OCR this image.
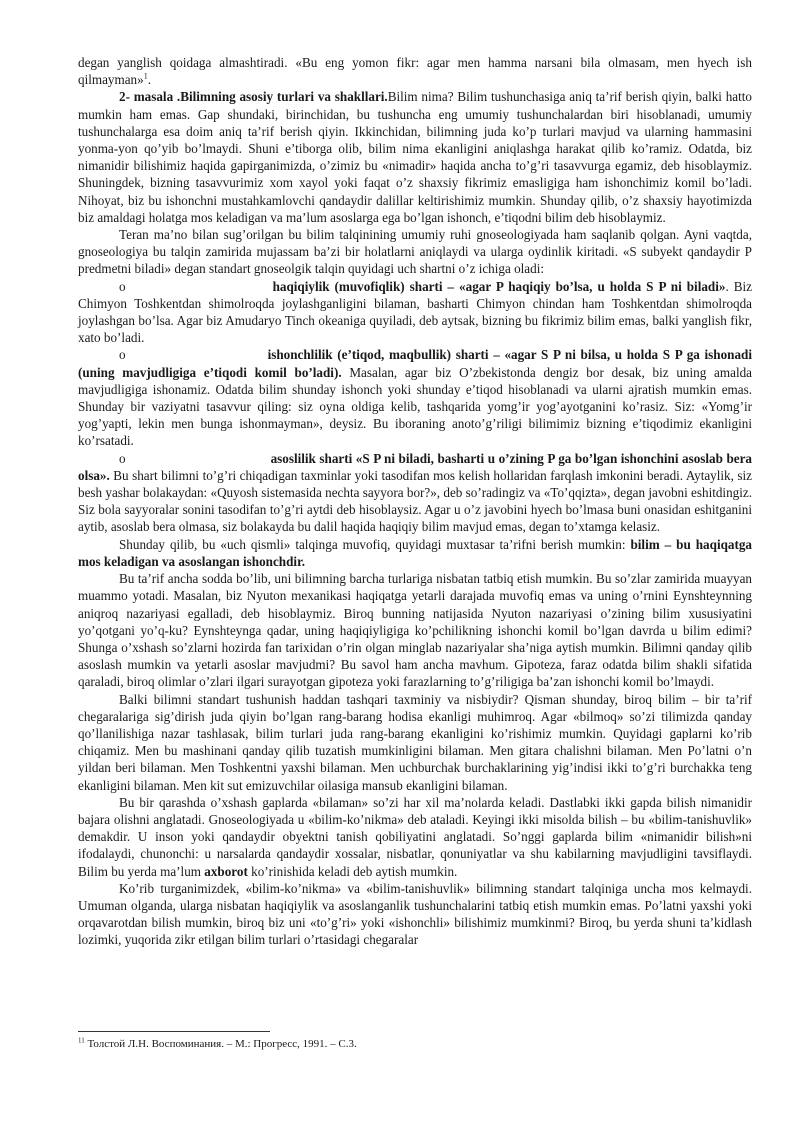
degan yanglish qoidaga almashtiradi. «Bu eng yomon fikr: agar men hamma narsani bila olmasam, men hyech ish qilmayman»$^1$.

2- masala .Bilimning asosiy turlari va shakllari.Bilim nima? Bilim tushunchasiga aniq ta’rif berish qiyin, balki hatto mumkin ham emas. Gap shundaki, birinchidan, bu tushuncha eng umumiy tushunchalardan biri hisoblanadi, umumiy tushunchalarga esa doim aniq ta’rif berish qiyin. Ikkinchidan, bilimning juda ko’p turlari mavjud va ularning hammasini yonma-yon qo’yib bo’lmaydi. Shuni e’tiborga olib, bilim nima ekanligini aniqlashga harakat qilib ko’ramiz. Odatda, biz nimanidir bilishimiz haqida gapirganimizda, o’zimiz bu «nimadir» haqida ancha to’g’ri tasavvurga egamiz, deb hisoblaymiz. Shuningdek, bizning tasavvurimiz xom xayol yoki faqat o’z shaxsiy fikrimiz emasligiga ham ishonchimiz komil bo’ladi. Nihoyat, biz bu ishonchni mustahkamlovchi qandaydir dalillar keltirishimiz mumkin. Shunday qilib, o’z shaxsiy hayotimizda biz amaldagi holatga mos keladigan va ma’lum asoslarga ega bo’lgan ishonch, e’tiqodni bilim deb hisoblaymiz.

Teran ma’no bilan sug’orilgan bu bilim talqinining umumiy ruhi gnoseologiyada ham saqlanib qolgan. Ayni vaqtda, gnoseologiya bu talqin zamirida mujassam ba’zi bir holatlarni aniqlaydi va ularga oydinlik kiritadi. «S subyekt qandaydir P predmetni biladi» degan standart gnoseolgik talqin quyidagi uch shartni o’z ichiga oladi:

o	haqiqiylik (muvofiqlik) sharti – «agar P haqiqiy bo’lsa, u holda S P ni biladi». Biz Chimyon Toshkentdan shimolroqda joylashganligini bilaman, basharti Chimyon chindan ham Toshkentdan shimolroqda joylashgan bo’lsa. Agar biz Amudaryo Tinch okeaniga quyiladi, deb aytsak, bizning bu fikrimiz bilim emas, balki yanglish fikr, xato bo’ladi.

o	ishonchlilik (e’tiqod, maqbullik) sharti – «agar S P ni bilsa, u holda S P ga ishonadi (uning mavjudligiga e’tiqodi komil bo’ladi). Masalan, agar biz O’zbekistonda dengiz bor desak, biz uning amalda mavjudligiga ishonamiz. Odatda bilim shunday ishonch yoki shunday e’tiqod hisoblanadi va ularni ajratish mumkin emas. Shunday bir vaziyatni tasavvur qiling: siz oyna oldiga kelib, tashqarida yomg’ir yog’ayotganini ko’rasiz. Siz: «Yomg’ir yog’yapti, lekin men bunga ishonmayman», deysiz. Bu iboraning anoto’g’riligi bilimimiz bizning e’tiqodimiz ekanligini ko’rsatadi.

o	asoslilik sharti «S P ni biladi, basharti u o’zining P ga bo’lgan ishonchini asoslab bera olsa». Bu shart bilimni to’g’ri chiqadigan taxminlar yoki tasodifan mos kelish hollaridan farqlash imkonini beradi. Aytaylik, siz besh yashar bolakaydan: «Quyosh sistemasida nechta sayyora bor?», deb so’radingiz va «To’qqizta», degan javobni eshitdingiz. Siz bola sayyoralar sonini tasodifan to’g’ri aytdi deb hisoblaysiz. Agar u o’z javobini hyech bo’lmasa buni onasidan eshitganini aytib, asoslab bera olmasa, siz bolakayda bu dalil haqida haqiqiy bilim mavjud emas, degan to’xtamga kelasiz.

Shunday qilib, bu «uch qismli» talqinga muvofiq, quyidagi muxtasar ta’rifni berish mumkin: bilim – bu haqiqatga mos keladigan va asoslangan ishonchdir.

Bu ta’rif ancha sodda bo’lib, uni bilimning barcha turlariga nisbatan tatbiq etish mumkin. Bu so’zlar zamirida muayyan muammo yotadi. Masalan, biz Nyuton mexanikasi haqiqatga yetarli darajada muvofiq emas va uning o’rnini Eynshteynning aniqroq nazariyasi egalladi, deb hisoblaymiz. Biroq bunning natijasida Nyuton nazariyasi o’zining bilim xususiyatini yo’qotgani yo’q-ku? Eynshteynga qadar, uning haqiqiyligiga ko’pchilikning ishonchi komil bo’lgan davrda u bilim edimi? Shunga o’xshash so’zlarni hozirda fan tarixidan o’rin olgan minglab nazariyalar sha’niga aytish mumkin. Bilimni qanday qilib asoslash mumkin va yetarli asoslar mavjudmi? Bu savol ham ancha mavhum. Gipoteza, faraz odatda bilim shakli sifatida qaraladi, biroq olimlar o’zlari ilgari surayotgan gipoteza yoki farazlarning to’g’riligiga ba’zan ishonchi komil bo’lmaydi.

Balki bilimni standart tushunish haddan tashqari taxminiy va nisbiydir? Qisman shunday, biroq bilim – bir ta’rif chegaralariga sig’dirish juda qiyin bo’lgan rang-barang hodisa ekanligi muhimroq. Agar «bilmoq» so’zi tilimizda qanday qo’llanilishiga nazar tashlasak, bilim turlari juda rang-barang ekanligini ko’rishimiz mumkin. Quyidagi gaplarni ko’rib chiqamiz. Men bu mashinani qanday qilib tuzatish mumkinligini bilaman. Men gitara chalishni bilaman. Men Po’latni o’n yildan beri bilaman. Men Toshkentni yaxshi bilaman. Men uchburchak burchaklarining yig’indisi ikki to’g’ri burchakka teng ekanligini bilaman. Men kit sut emizuvchilar oilasiga mansub ekanligini bilaman.

Bu bir qarashda o’xshash gaplarda «bilaman» so’zi har xil ma’nolarda keladi. Dastlabki ikki gapda bilish nimanidir bajara olishni anglatadi. Gnoseologiyada u «bilim-ko’nikma» deb ataladi. Keyingi ikki misolda bilish – bu «bilim-tanishuvlik» demakdir. U inson yoki qandaydir obyektni tanish qobiliyatini anglatadi. So’nggi gaplarda bilim «nimanidir bilish»ni ifodalaydi, chunonchi: u narsalarda qandaydir xossalar, nisbatlar, qonuniyatlar va shu kabilarning mavjudligini tavsiflaydi. Bilim bu yerda ma’lum axborot ko’rinishida keladi deb aytish mumkin.

Ko’rib turganimizdek, «bilim-ko’nikma» va «bilim-tanishuvlik» bilimning standart talqiniga uncha mos kelmaydi. Umuman olganda, ularga nisbatan haqiqiylik va asoslanganlik tushunchalarini tatbiq etish mumkin emas. Po’latni yaxshi yoki orqavarotdan bilish mumkin, biroq biz uni «to’g’ri» yoki «ishonchli» bilishimiz mumkinmi? Biroq, bu yerda shuni ta’kidlash lozimki, yuqorida zikr etilgan bilim turlari o’rtasidagi chegaralar

$^{11}$ Толстой Л.Н. Воспоминания. – М.: Прогресс, 1991. – С.3.
